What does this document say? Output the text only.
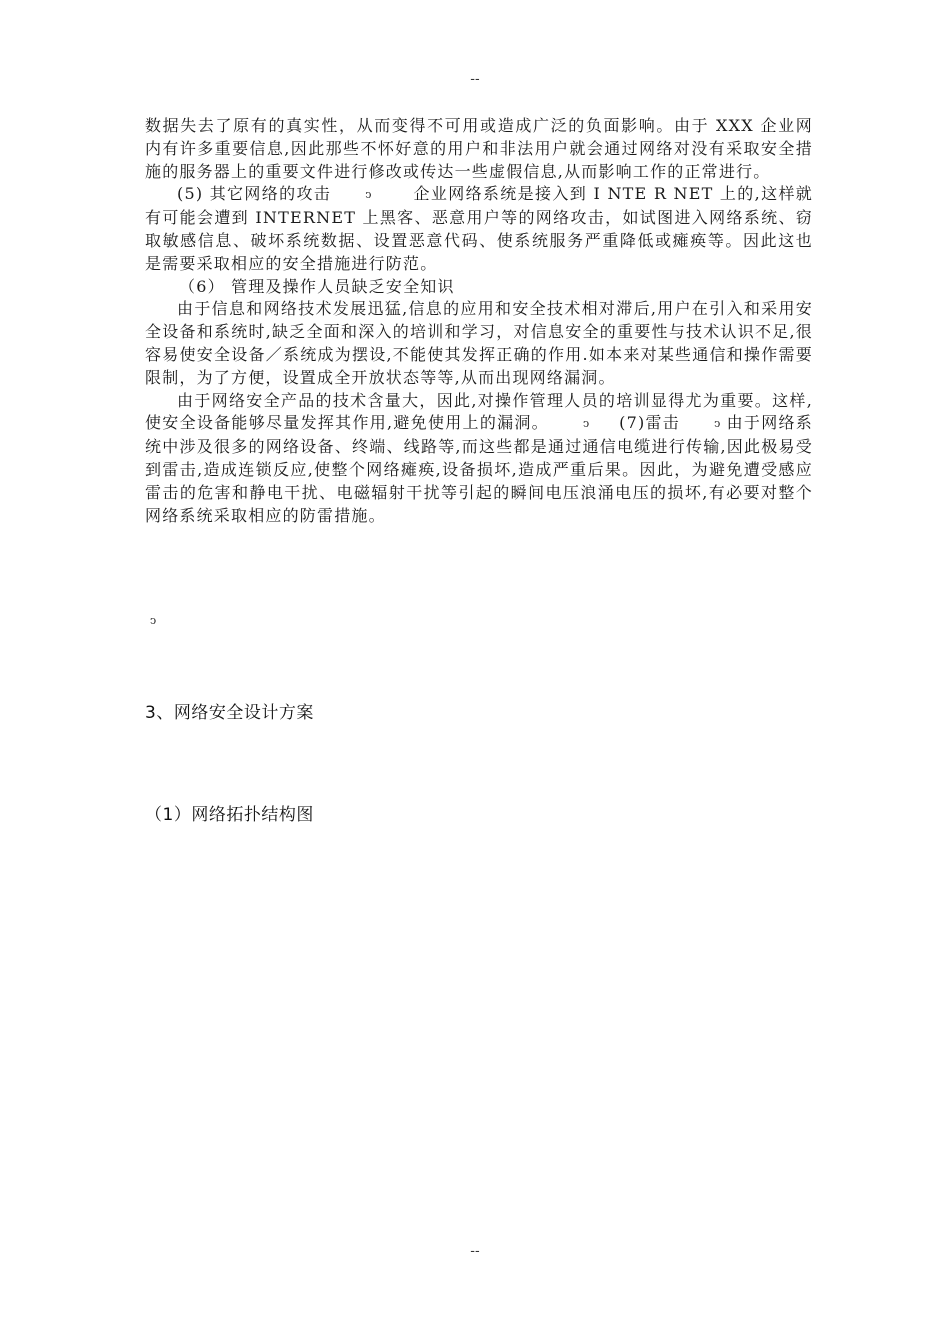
--

数据失去了原有的真实性，从而变得不可用或造成广泛的负面影响。由于 XXX 企业网内有许多重要信息,因此那些不怀好意的用户和非法用户就会通过网络对没有采取安全措施的服务器上的重要文件进行修改或传达一些虚假信息,从而影响工作的正常进行。

(5) 其它网络的攻击	ↄ	企业网络系统是接入到 I NTE R NET 上的,这样就有可能会遭到 INTERNET 上黑客、恶意用户等的网络攻击，如试图进入网络系统、窃取敏感信息、破坏系统数据、设置恶意代码、使系统服务严重降低或瘫痪等。因此这也是需要采取相应的安全措施进行防范。

（6） 管理及操作人员缺乏安全知识

由于信息和网络技术发展迅猛,信息的应用和安全技术相对滞后,用户在引入和采用安全设备和系统时,缺乏全面和深入的培训和学习，对信息安全的重要性与技术认识不足,很容易使安全设备／系统成为摆设,不能使其发挥正确的作用.如本来对某些通信和操作需要限制，为了方便，设置成全开放状态等等,从而出现网络漏洞。

由于网络安全产品的技术含量大，因此,对操作管理人员的培训显得尤为重要。这样,使安全设备能够尽量发挥其作用,避免使用上的漏洞。	ↄ (7)雷击	ↄ 由于网络系统中涉及很多的网络设备、终端、线路等,而这些都是通过通信电缆进行传输,因此极易受到雷击,造成连锁反应,使整个网络瘫痪,设备损坏,造成严重后果。因此，为避免遭受感应雷击的危害和静电干扰、电磁辐射干扰等引起的瞬间电压浪涌电压的损坏,有必要对整个网络系统采取相应的防雷措施。

ↄ
3、网络安全设计方案
（1）网络拓扑结构图
--
